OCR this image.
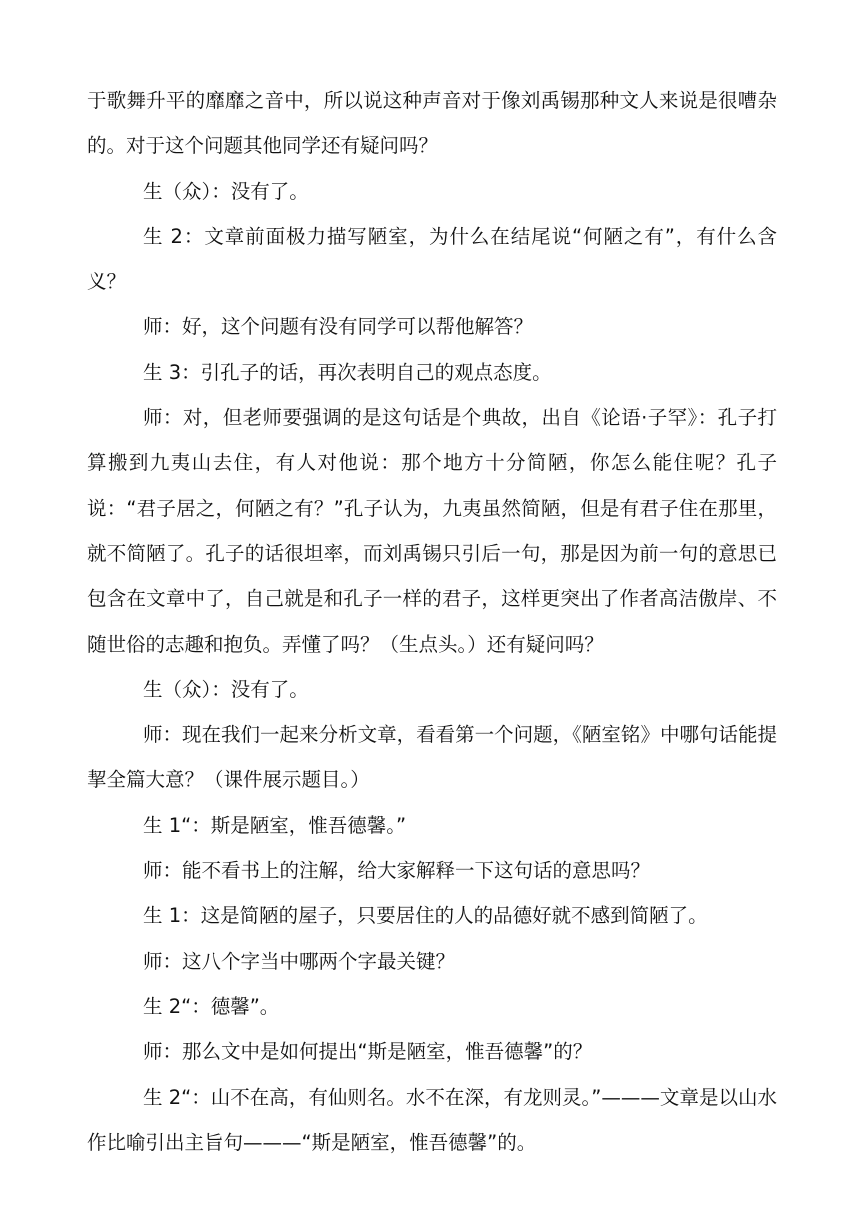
于歌舞升平的靡靡之音中，所以说这种声音对于像刘禹锡那种文人来说是很嘈杂的。对于这个问题其他同学还有疑问吗？

生（众）：没有了。

生 2：文章前面极力描写陋室，为什么在结尾说“何陋之有”，有什么含义？

师：好，这个问题有没有同学可以帮他解答？

生 3：引孔子的话，再次表明自己的观点态度。

师：对，但老师要强调的是这句话是个典故，出自《论语·子罕》：孔子打算搬到九夷山去住，有人对他说：那个地方十分简陋，你怎么能住呢？孔子说：“君子居之，何陋之有？”孔子认为，九夷虽然简陋，但是有君子住在那里，就不简陋了。孔子的话很坦率，而刘禹锡只引后一句，那是因为前一句的意思已包含在文章中了，自己就是和孔子一样的君子，这样更突出了作者高洁傲岸、不随世俗的志趣和抱负。弄懂了吗？（生点头。）还有疑问吗？

生（众）：没有了。

师：现在我们一起来分析文章，看看第一个问题，《陋室铭》中哪句话能提挈全篇大意？（课件展示题目。）

生 1“：斯是陋室，惟吾德馨。”

师：能不看书上的注解，给大家解释一下这句话的意思吗？

生 1：这是简陋的屋子，只要居住的人的品德好就不感到简陋了。

师：这八个字当中哪两个字最关键？

生 2“：德馨”。

师：那么文中是如何提出“斯是陋室，惟吾德馨”的？

生 2“：山不在高，有仙则名。水不在深，有龙则灵。”———文章是以山水作比喻引出主旨句———“斯是陋室，惟吾德馨”的。
